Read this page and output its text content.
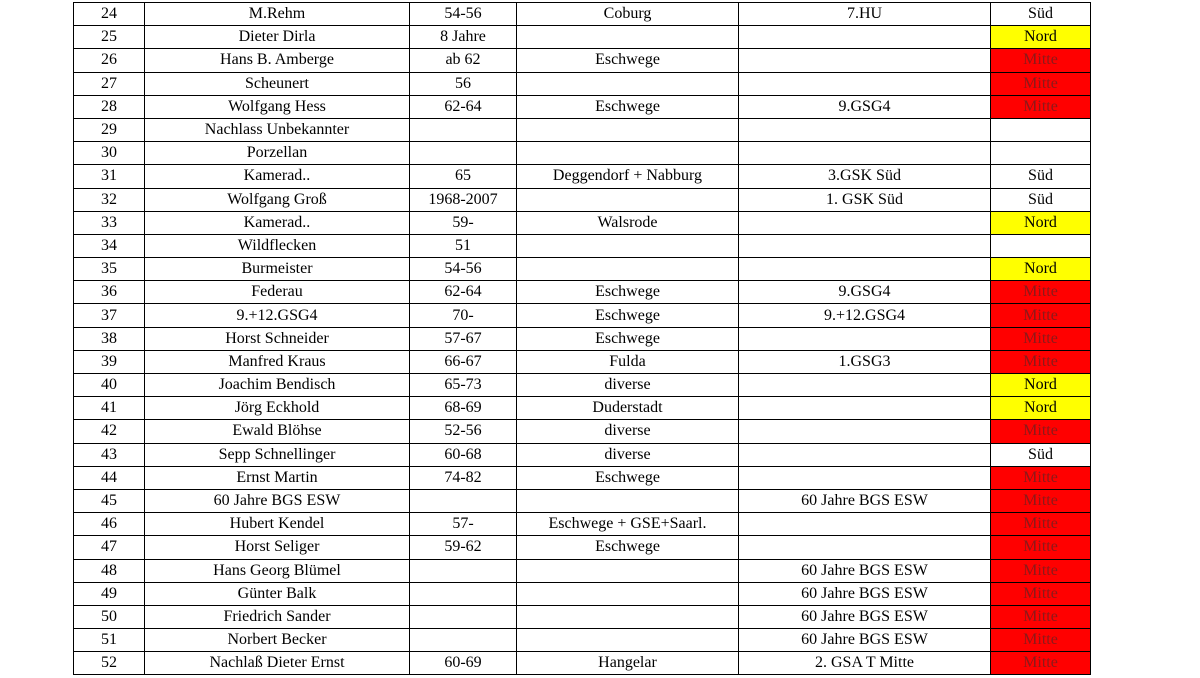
24	M.Rehm	54-56	Coburg	7.HU	Süd
25	Dieter Dirla	8 Jahre			Nord
26	Hans B. Amberge	ab 62	Eschwege		Mitte
27	Scheunert	56			Mitte
28	Wolfgang Hess	62-64	Eschwege	9.GSG4	Mitte
29	Nachlass Unbekannter				
30	Porzellan				
31	Kamerad..	65	Deggendorf + Nabburg	3.GSK Süd	Süd
32	Wolfgang Groß	1968-2007		1. GSK Süd	Süd
33	Kamerad..	59-	Walsrode		Nord
34	Wildflecken	51			
35	Burmeister	54-56			Nord
36	Federau	62-64	Eschwege	9.GSG4	Mitte
37	9.+12.GSG4	70-	Eschwege	9.+12.GSG4	Mitte
38	Horst Schneider	57-67	Eschwege		Mitte
39	Manfred Kraus	66-67	Fulda	1.GSG3	Mitte
40	Joachim Bendisch	65-73	diverse		Nord
41	Jörg Eckhold	68-69	Duderstadt		Nord
42	Ewald Blöhse	52-56	diverse		Mitte
43	Sepp Schnellinger	60-68	diverse		Süd
44	Ernst Martin	74-82	Eschwege		Mitte
45	60 Jahre BGS ESW			60 Jahre BGS ESW	Mitte
46	Hubert Kendel	57-	Eschwege + GSE+Saarl.		Mitte
47	Horst Seliger	59-62	Eschwege		Mitte
48	Hans Georg Blümel			60 Jahre BGS ESW	Mitte
49	Günter Balk			60 Jahre BGS ESW	Mitte
50	Friedrich Sander			60 Jahre BGS ESW	Mitte
51	Norbert Becker			60 Jahre BGS ESW	Mitte
52	Nachlaß Dieter Ernst	60-69	Hangelar	2. GSA T Mitte	Mitte
